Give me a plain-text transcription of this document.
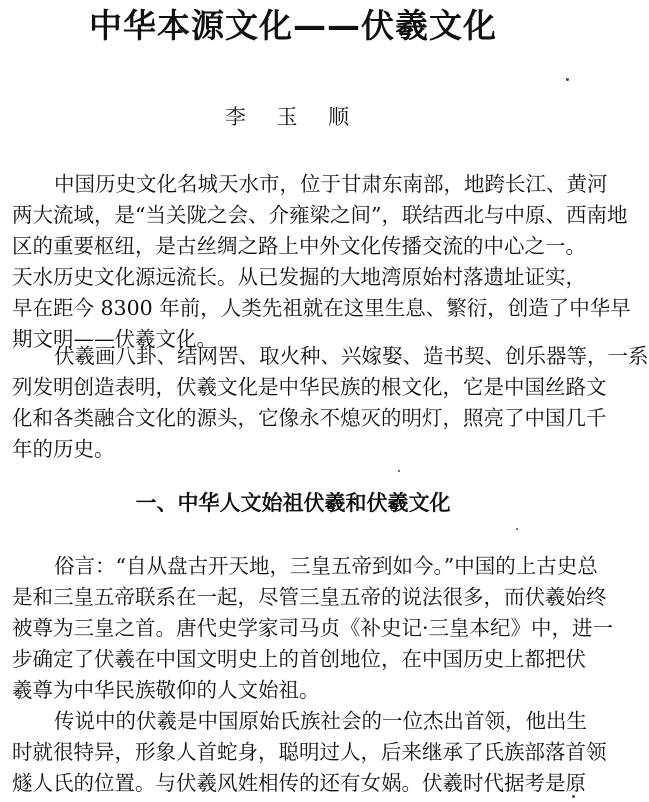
中华本源文化——伏羲文化
李 玉 顺
中国历史文化名城天水市，位于甘肃东南部，地跨长江、黄河
两大流域，是“当关陇之会、介雍梁之间”，联结西北与中原、西南地
区的重要枢纽，是古丝绸之路上中外文化传播交流的中心之一。
天水历史文化源远流长。从已发掘的大地湾原始村落遗址证实，
早在距今 8300 年前，人类先祖就在这里生息、繁衍，创造了中华早
期文明——伏羲文化。
伏羲画八卦、结网罟、取火种、兴嫁娶、造书契、创乐器等，一系
列发明创造表明，伏羲文化是中华民族的根文化，它是中国丝路文
化和各类融合文化的源头，它像永不熄灭的明灯，照亮了中国几千
年的历史。
一、中华人文始祖伏羲和伏羲文化
俗言：“自从盘古开天地，三皇五帝到如今。”中国的上古史总
是和三皇五帝联系在一起，尽管三皇五帝的说法很多，而伏羲始终
被尊为三皇之首。唐代史学家司马贞《补史记·三皇本纪》中，进一
步确定了伏羲在中国文明史上的首创地位，在中国历史上都把伏
羲尊为中华民族敬仰的人文始祖。
传说中的伏羲是中国原始氏族社会的一位杰出首领，他出生
时就很特异，形象人首蛇身，聪明过人，后来继承了氏族部落首领
燧人氏的位置。与伏羲风姓相传的还有女娲。伏羲时代据考是原
